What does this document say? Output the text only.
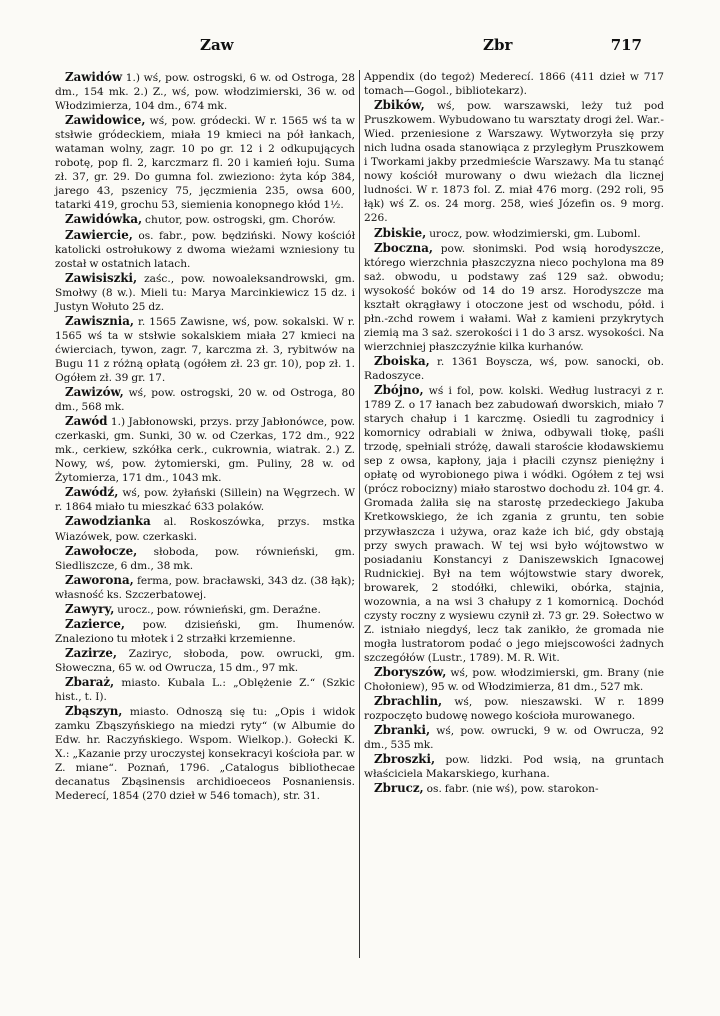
Zaw	Zbr	717

Zawidów 1.) wś, pow. ostrogski, 6 w. od Ostroga, 28 dm., 154 mk. 2.) Z., wś, pow. włodzimierski, 36 w. od Włodzimierza, 104 dm., 674 mk.

Zawidowice, wś, pow. gródecki. W r. 1565 wś ta w stsłwie gródeckiem, miała 19 kmieci na pół łankach, wataman wolny, zagr. 10 po gr. 12 i 2 odkupujących robotę, pop fl. 2, karczmarz fl. 20 i kamień łoju. Suma zł. 37, gr. 29. Do gumna fol. zwieziono: żyta kóp 384, jarego 43, pszenicy 75, jęczmienia 235, owsa 600, tatarki 419, grochu 53, siemienia konopnego kłód 1½.

Zawidówka, chutor, pow. ostrogski, gm. Chorów.

Zawiercie, os. fabr., pow. będziński. Nowy kościół katolicki ostrołukowy z dwoma wieżami wzniesiony tu został w ostatnich latach.

Zawisiszki, zaśc., pow. nowoaleksandrowski, gm. Smołwy (8 w.). Mieli tu: Marya Marcinkiewicz 15 dz. i Justyn Wołuto 25 dz.

Zawisznia, r. 1565 Zawisne, wś, pow. sokalski. W r. 1565 wś ta w stsłwie sokalskiem miała 27 kmieci na ćwierciach, tywon, zagr. 7, karczma zł. 3, rybitwów na Bugu 11 z różną opłatą (ogółem zł. 23 gr. 10), pop zł. 1. Ogółem zł. 39 gr. 17.

Zawizów, wś, pow. ostrogski, 20 w. od Ostroga, 80 dm., 568 mk.

Zawód 1.) Jabłonowski, przys. przy Jabłonówce, pow. czerkaski, gm. Sunki, 30 w. od Czerkas, 172 dm., 922 mk., cerkiew, szkółka cerk., cukrownia, wiatrak. 2.) Z. Nowy, wś, pow. żytomierski, gm. Puliny, 28 w. od Żytomierza, 171 dm., 1043 mk.

Zawódź, wś, pow. żyłański (Sillein) na Węgrzech. W r. 1864 miało tu mieszkać 633 polaków.

Zawodzianka al. Roskoszówka, przys. mstka Wiazówek, pow. czerkaski.

Zawołocze, słoboda, pow. równieński, gm. Siedliszcze, 6 dm., 38 mk.

Zaworona, ferma, pow. bracławski, 343 dz. (38 łąk); własność ks. Szczerbatowej.

Zawyry, urocz., pow. równieński, gm. Deraźne.

Zazierce, pow. dzisieński, gm. Ihumenów. Znaleziono tu młotek i 2 strzałki krzemienne.

Zazirze, Zaziryc, słoboda, pow. owrucki, gm. Słoweczna, 65 w. od Owrucza, 15 dm., 97 mk.

Zbaraż, miasto. Kubala L.: „Oblężenie Z.“ (Szkic hist., t. I).

Zbąszyn, miasto. Odnoszą się tu: „Opis i widok zamku Zbąszyńskiego na miedzi ryty“ (w Albumie do Edw. hr. Raczyńskiego. Wspom. Wielkop.). Gołecki K. X.: „Kazanie przy uroczystej konsekracyi kościoła par. w Z. miane“. Poznań, 1796. „Catalogus bibliothecae decanatus Zbąsinensis archidioeceos Posnaniensis. Mederecí, 1854 (270 dzieł w 546 tomach), str. 31.

Appendix (do tegoż) Mederecí. 1866 (411 dzieł w 717 tomach—Gogol., bibliotekarz).

Zbików, wś, pow. warszawski, leży tuż pod Pruszkowem. Wybudowano tu warsztaty drogi żel. War.-Wied. przeniesione z Warszawy. Wytworzyła się przy nich ludna osada stanowiąca z przyległym Pruszkowem i Tworkami jakby przedmieście Warszawy. Ma tu stanąć nowy kościół murowany o dwu wieżach dla licznej ludności. W r. 1873 fol. Z. miał 476 morg. (292 roli, 95 łąk) wś Z. os. 24 morg. 258, wieś Józefin os. 9 morg. 226.

Zbiskie, urocz, pow. włodzimierski, gm. Luboml.

Zboczna, pow. słonimski. Pod wsią horodyszcze, którego wierzchnia płaszczyzna nieco pochylona ma 89 saż. obwodu, u podstawy zaś 129 saż. obwodu; wysokość boków od 14 do 19 arsz. Horodyszcze ma kształt okrągławy i otoczone jest od wschodu, półd. i płn.-zchd rowem i wałami. Wał z kamieni przykrytych ziemią ma 3 saż. szerokości i 1 do 3 arsz. wysokości. Na wierzchniej płaszczyźnie kilka kurhanów.

Zboiska, r. 1361 Boyscza, wś, pow. sanocki, ob. Radoszyce.

Zbójno, wś i fol, pow. kolski. Według lustracyi z r. 1789 Z. o 17 łanach bez zabudowań dworskich, miało 7 starych chałup i 1 karczmę. Osiedli tu zagrodnicy i komornicy odrabiali w żniwa, odbywali tłokę, paśli trzodę, spełniali stróżę, dawali staroście kłodawskiemu sep z owsa, kapłony, jaja i płacili czynsz pieniężny i opłatę od wyrobionego piwa i wódki. Ogółem z tej wsi (prócz robocizny) miało starostwo dochodu zł. 104 gr. 4. Gromada żaliła się na starostę przedeckiego Jakuba Kretkowskiego, że ich zgania z gruntu, ten sobie przywłaszcza i używa, oraz każe ich bić, gdy obstają przy swych prawach. W tej wsi było wójtowstwo w posiadaniu Konstancyi z Daniszewskich Ignacowej Rudnickiej. Był na tem wójtowstwie stary dworek, browarek, 2 stodółki, chlewiki, obórka, stajnia, wozownia, a na wsi 3 chałupy z 1 komornicą. Dochód czysty roczny z wysiewu czynił zł. 73 gr. 29. Sołectwo w Z. istniało niegdyś, lecz tak zanikło, że gromada nie mogła lustratorom podać o jego miejscowości żadnych szczegółów (Lustr., 1789). M. R. Wit.

Zboryszów, wś, pow. włodzimierski, gm. Brany (nie Chołoniew), 95 w. od Włodzimierza, 81 dm., 527 mk.

Zbrachlin, wś, pow. nieszawski. W r. 1899 rozpoczęto budowę nowego kościoła murowanego.

Zbranki, wś, pow. owrucki, 9 w. od Owrucza, 92 dm., 535 mk.

Zbroszki, pow. lidzki. Pod wsią, na gruntach właściciela Makarskiego, kurhana.

Zbrucz, os. fabr. (nie wś), pow. starokon-
